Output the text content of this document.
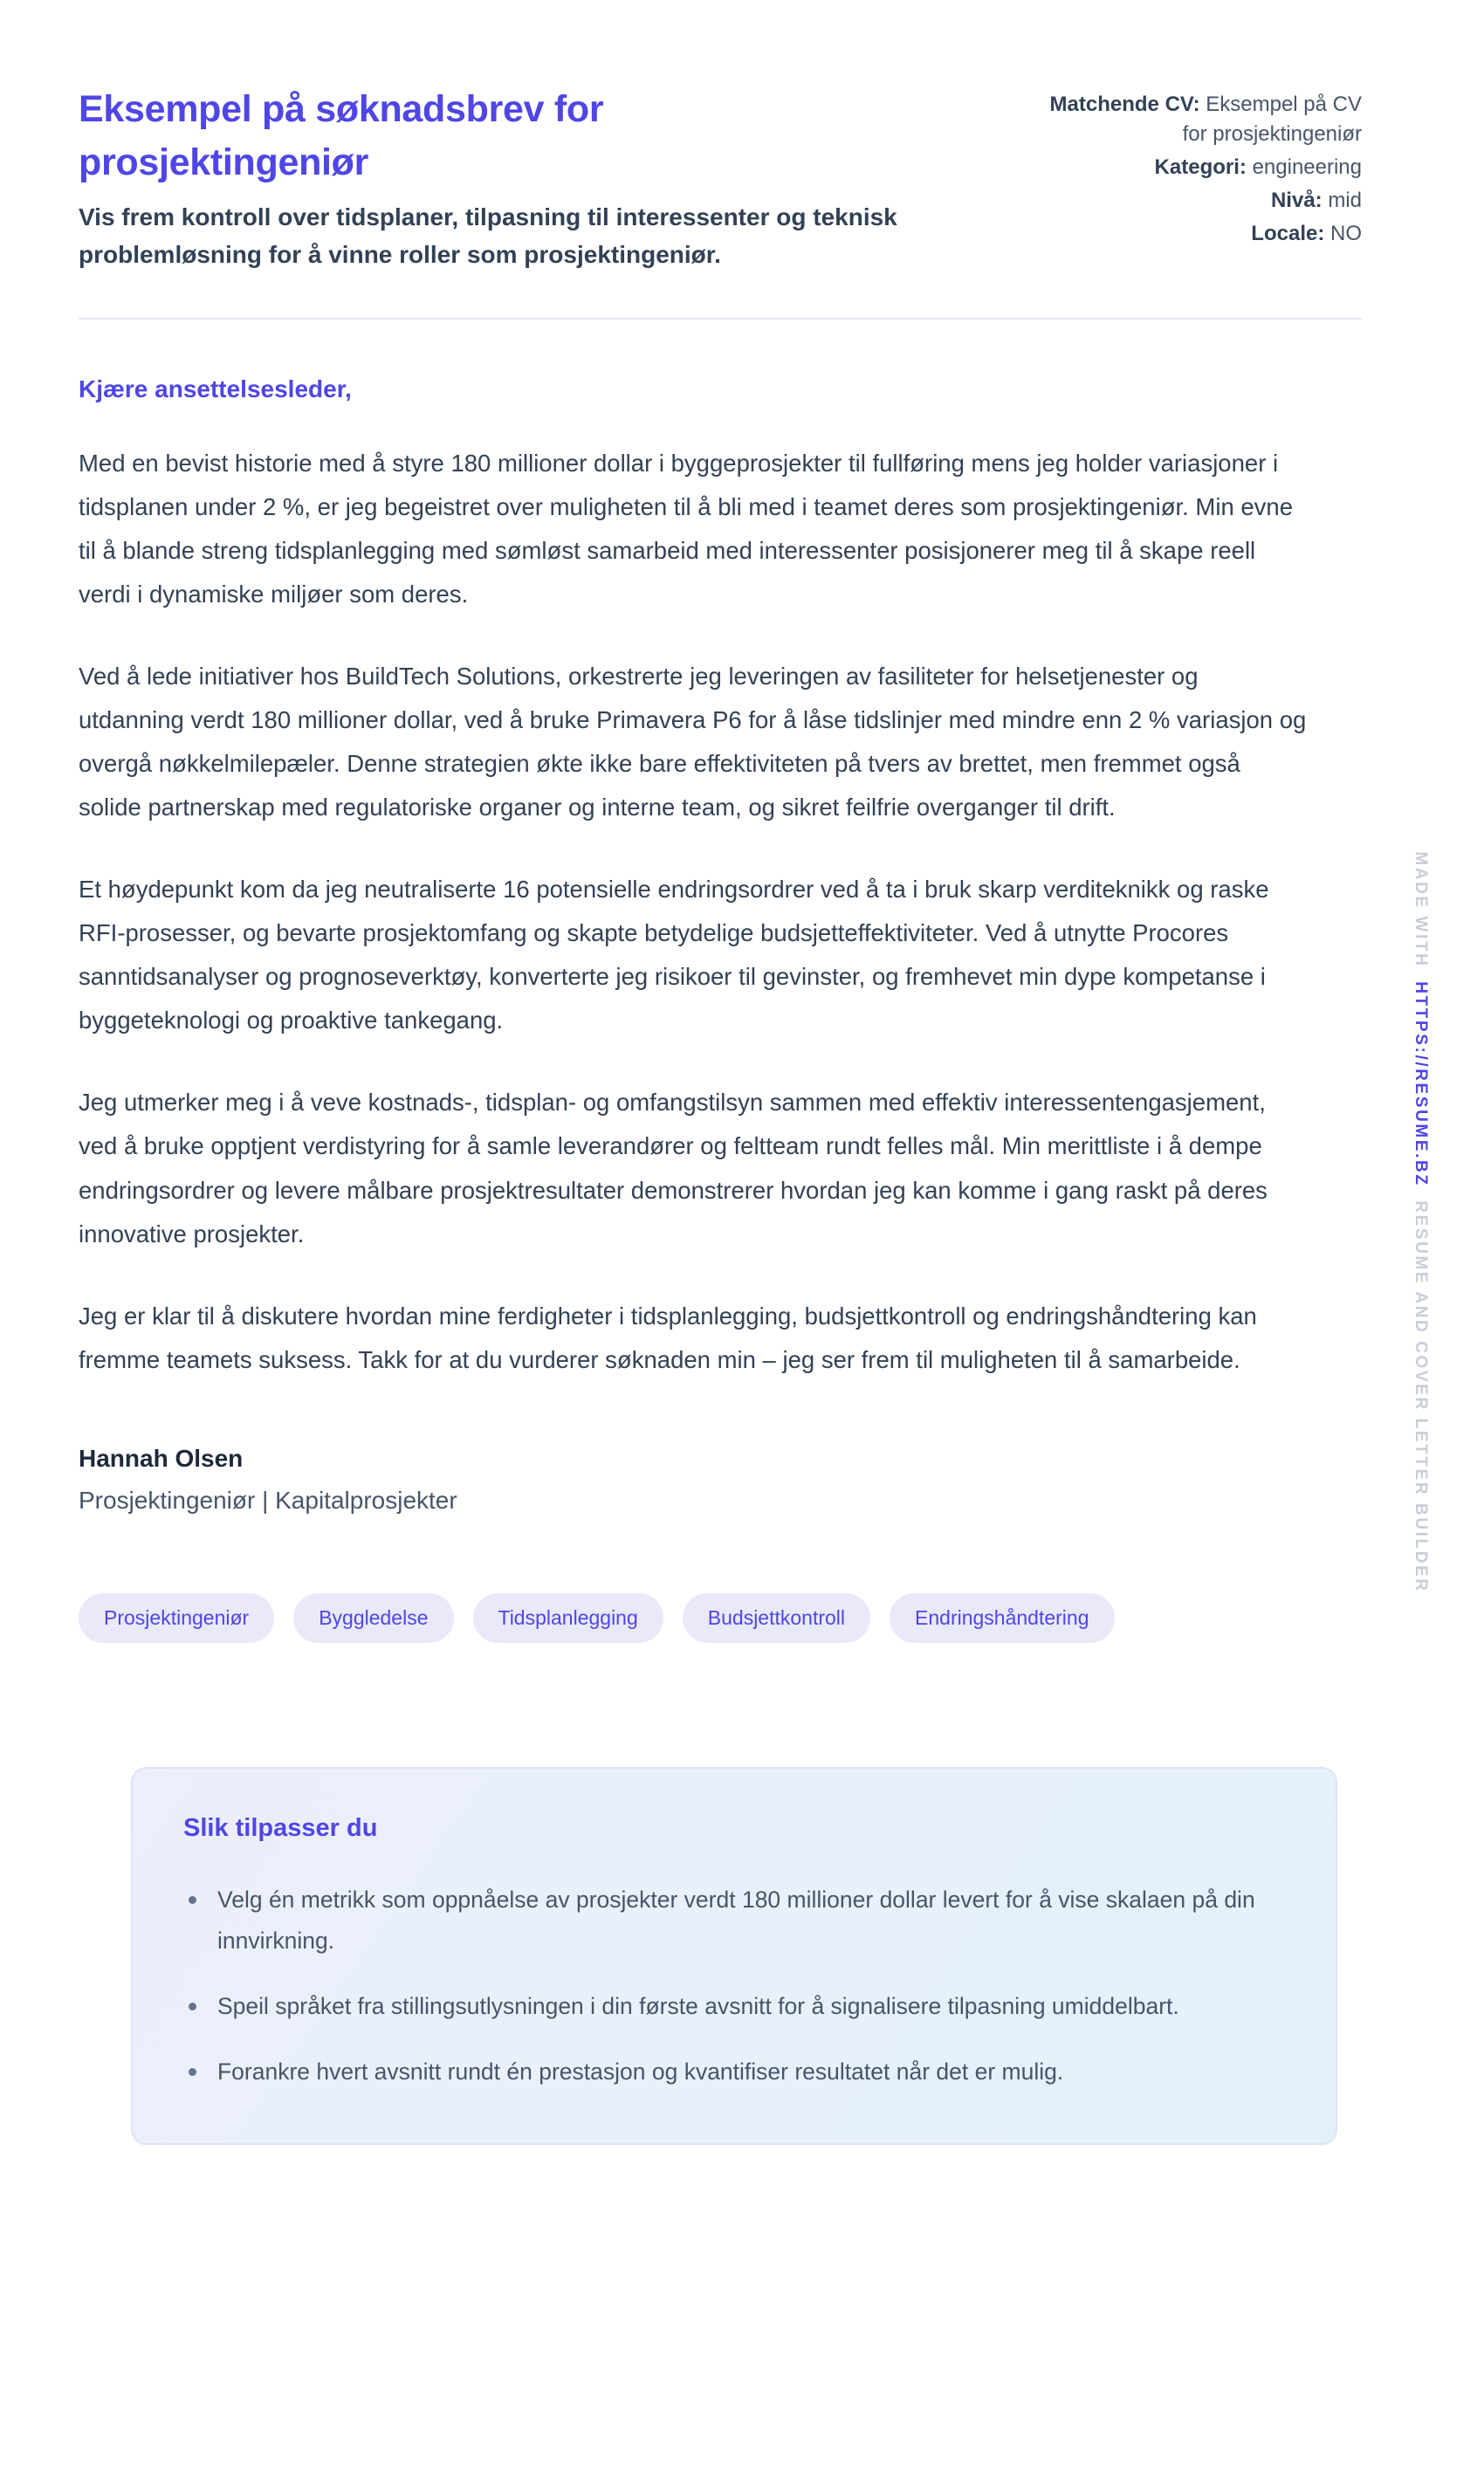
Eksempel på søknadsbrev for prosjektingeniør
Vis frem kontroll over tidsplaner, tilpasning til interessenter og teknisk problemløsning for å vinne roller som prosjektingeniør.
Matchende CV: Eksempel på CV for prosjektingeniør
Kategori: engineering
Nivå: mid
Locale: NO
Kjære ansettelsesleder,

Med en bevist historie med å styre 180 millioner dollar i byggeprosjekter til fullføring mens jeg holder variasjoner i tidsplanen under 2 %, er jeg begeistret over muligheten til å bli med i teamet deres som prosjektingeniør. Min evne til å blande streng tidsplanlegging med sømløst samarbeid med interessenter posisjonerer meg til å skape reell verdi i dynamiske miljøer som deres.

Ved å lede initiativer hos BuildTech Solutions, orkestrerte jeg leveringen av fasiliteter for helsetjenester og utdanning verdt 180 millioner dollar, ved å bruke Primavera P6 for å låse tidslinjer med mindre enn 2 % variasjon og overgå nøkkelmilepæler. Denne strategien økte ikke bare effektiviteten på tvers av brettet, men fremmet også solide partnerskap med regulatoriske organer og interne team, og sikret feilfrie overganger til drift.

Et høydepunkt kom da jeg neutraliserte 16 potensielle endringsordrer ved å ta i bruk skarp verditeknikk og raske RFI-prosesser, og bevarte prosjektomfang og skapte betydelige budsjetteffektiviteter. Ved å utnytte Procores sanntidsanalyser og prognoseverktøy, konverterte jeg risikoer til gevinster, og fremhevet min dype kompetanse i byggeteknologi og proaktive tankegang.

Jeg utmerker meg i å veve kostnads-, tidsplan- og omfangstilsyn sammen med effektiv interessentengasjement, ved å bruke opptjent verdistyring for å samle leverandører og feltteam rundt felles mål. Min merittliste i å dempe endringsordrer og levere målbare prosjektresultater demonstrerer hvordan jeg kan komme i gang raskt på deres innovative prosjekter.

Jeg er klar til å diskutere hvordan mine ferdigheter i tidsplanlegging, budsjettkontroll og endringshåndtering kan fremme teamets suksess. Takk for at du vurderer søknaden min – jeg ser frem til muligheten til å samarbeide.

Hannah Olsen
Prosjektingeniør | Kapitalprosjekter
Prosjektingeniør	Byggledelse	Tidsplanlegging	Budsjettkontroll	Endringshåndtering
Slik tilpasser du
Velg én metrikk som oppnåelse av prosjekter verdt 180 millioner dollar levert for å vise skalaen på din innvirkning.
Speil språket fra stillingsutlysningen i din første avsnitt for å signalisere tilpasning umiddelbart.
Forankre hvert avsnitt rundt én prestasjon og kvantifiser resultatet når det er mulig.
MADE WITH  HTTPS://RESUME.BZ  RESUME AND COVER LETTER BUILDER
